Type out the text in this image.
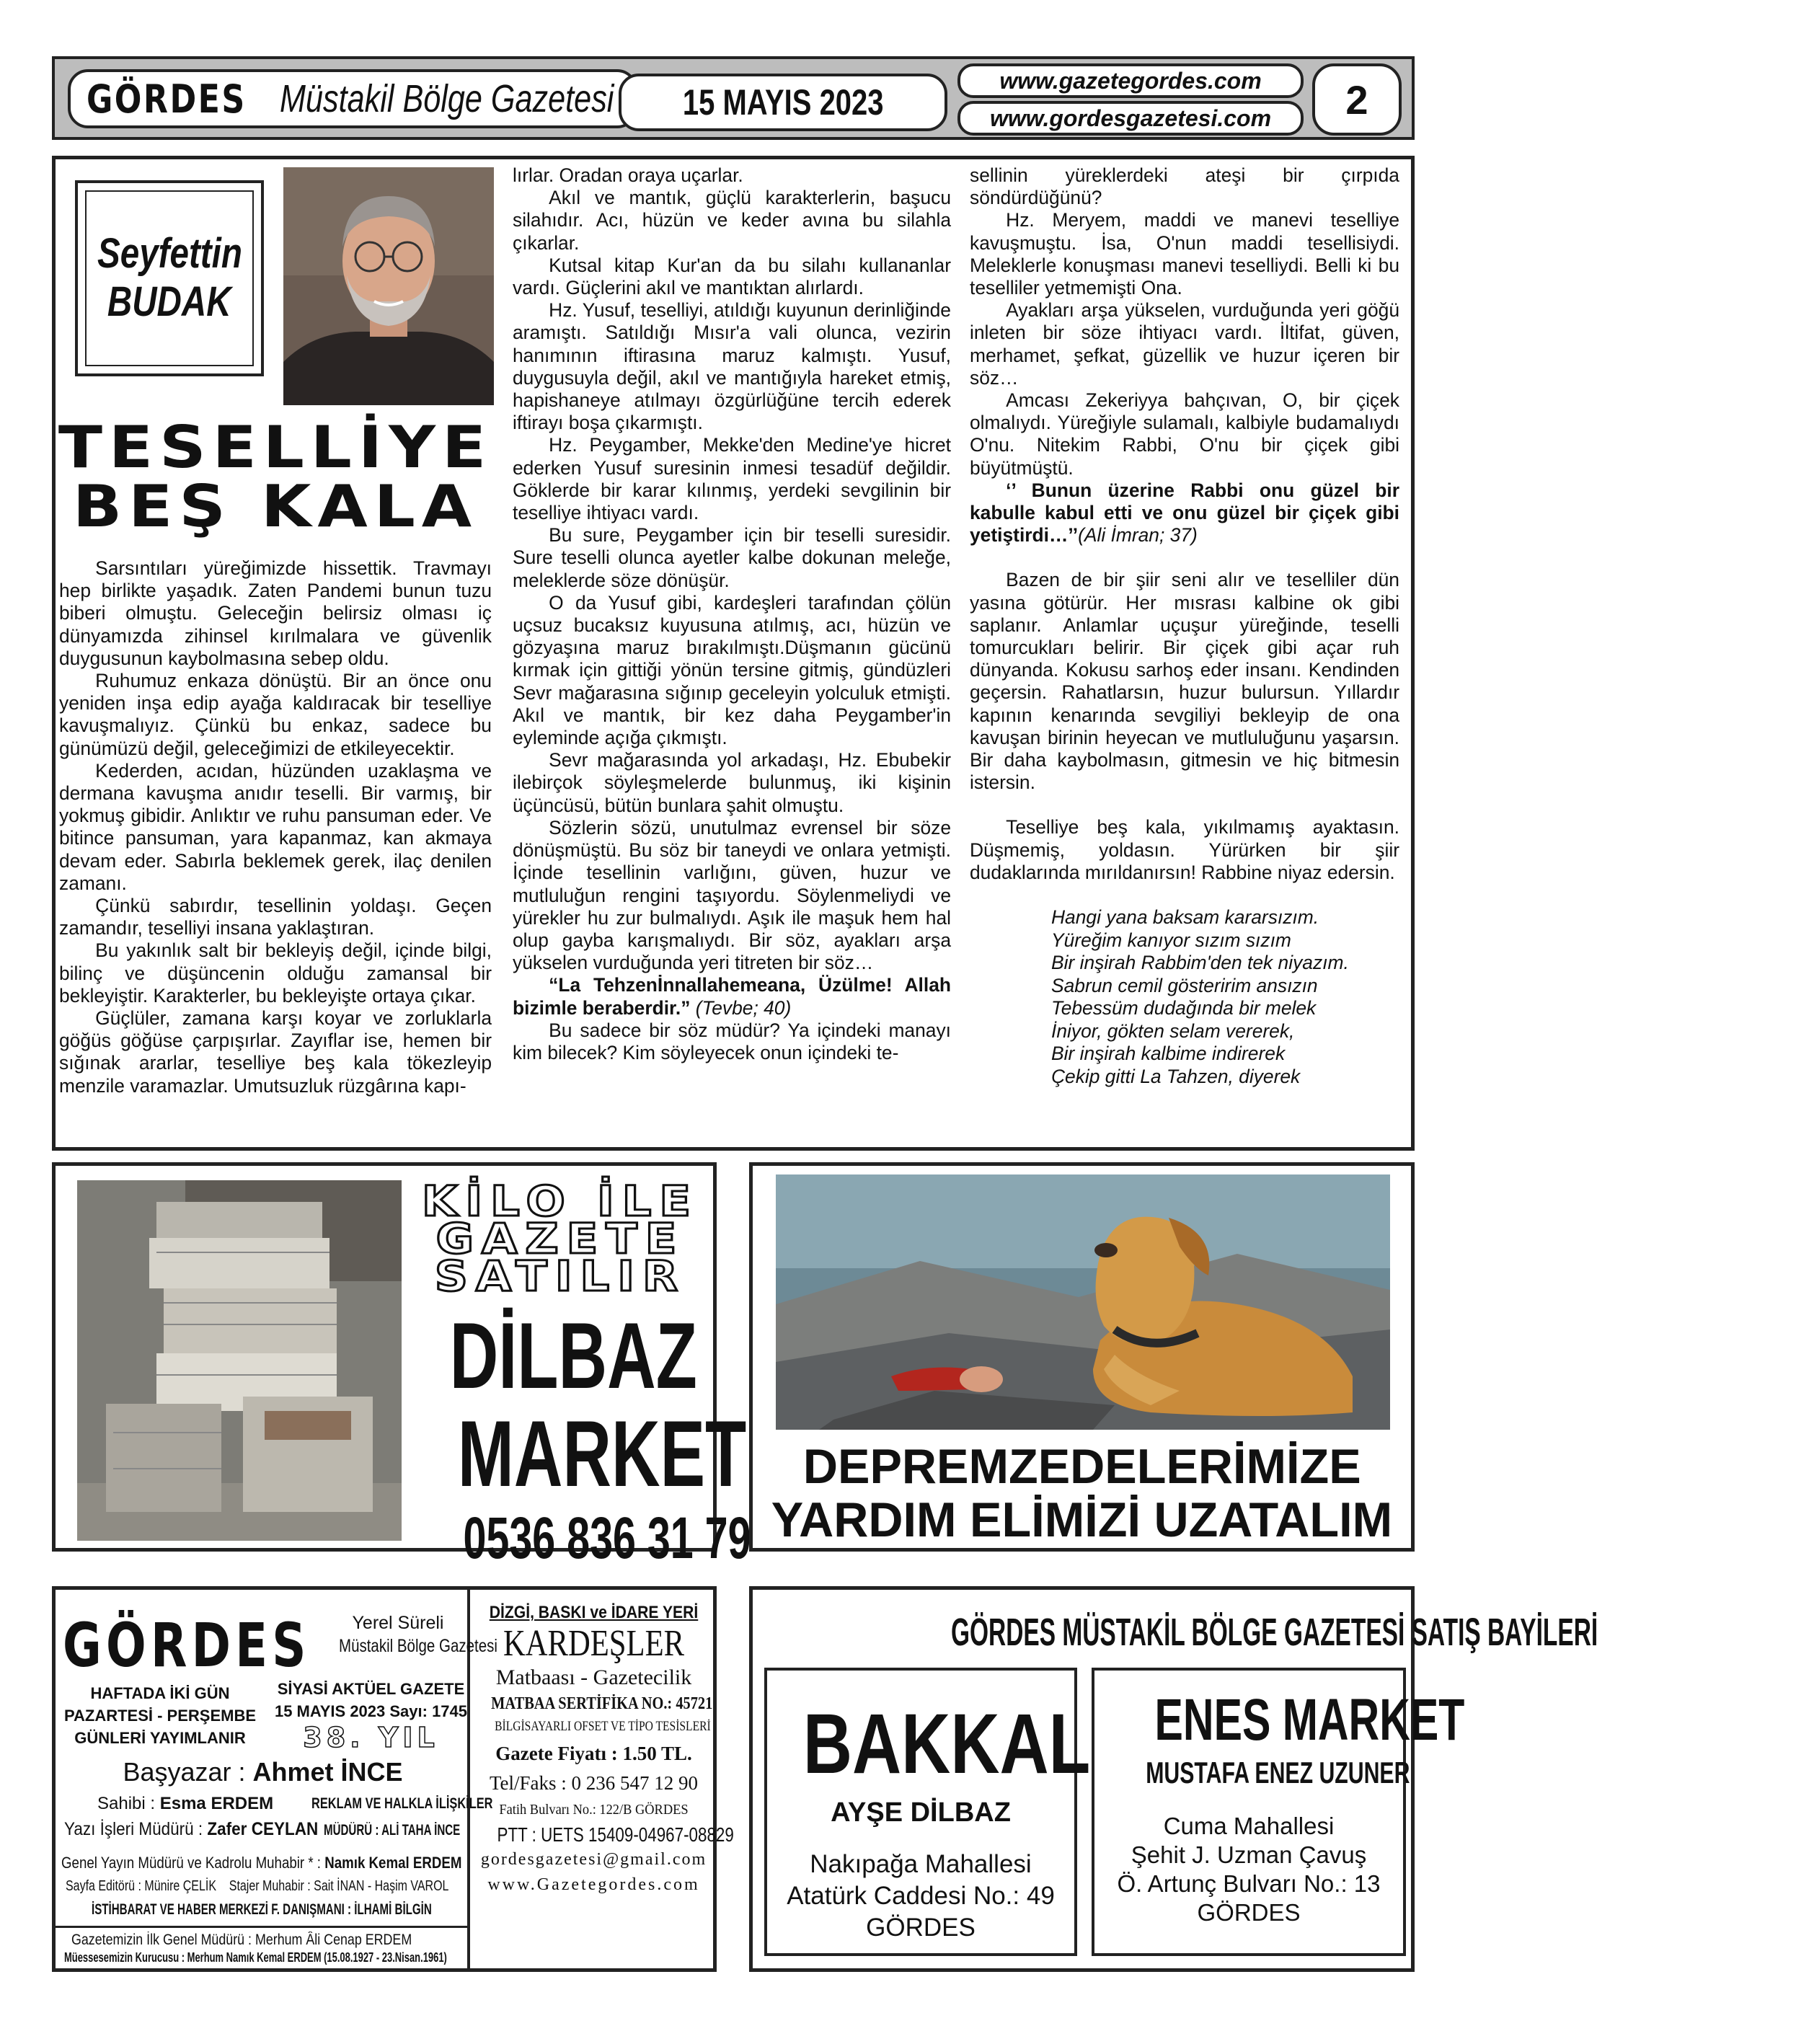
GÖRDES Müstakil Bölge Gazetesi 15 MAYIS 2023
www.gazetegordes.com
www.gordesgazetesi.com 2
Seyfettin
BUDAK
TESELLİYE
BEŞ KALA

Sarsıntıları yüreğimizde hissettik. Travmayı hep birlikte yaşadık. Zaten Pandemi bunun tuzu biberi olmuştu. Geleceğin belirsiz olması iç dünyamızda zihinsel kırılmalara ve güvenlik duygusunun kaybolmasına sebep oldu.

Ruhumuz enkaza dönüştü. Bir an önce onu yeniden inşa edip ayağa kaldıracak bir teselliye kavuşmalıyız. Çünkü bu enkaz, sadece bu günümüzü değil, geleceğimizi de etkileyecektir.

Kederden, acıdan, hüzünden uzaklaşma ve dermana kavuşma anıdır teselli. Bir varmış, bir yokmuş gibidir. Anlıktır ve ruhu pansuman eder. Ve bitince pansuman, yara kapanmaz, kan akmaya devam eder. Sabırla beklemek gerek, ilaç denilen zamanı.

Çünkü sabırdır, tesellinin yoldaşı. Geçen zamandır, teselliyi insana yaklaştıran.

Bu yakınlık salt bir bekleyiş değil, içinde bilgi, bilinç ve düşüncenin olduğu zamansal bir bekleyiştir. Karakterler, bu bekleyişte ortaya çıkar.

Güçlüler, zamana karşı koyar ve zorluklarla göğüs göğüse çarpışırlar. Zayıflar ise, hemen bir sığınak ararlar, teselliye beş kala tökezleyip menzile varamazlar. Umutsuzluk rüzgârına kapı-

lırlar. Oradan oraya uçarlar.

Akıl ve mantık, güçlü karakterlerin, başucu silahıdır. Acı, hüzün ve keder avına bu silahla çıkarlar.

Kutsal kitap Kur'an da bu silahı kullananlar vardı. Güçlerini akıl ve mantıktan alırlardı.

Hz. Yusuf, teselliyi, atıldığı kuyunun derinliğinde aramıştı. Satıldığı Mısır'a vali olunca, vezirin hanımının iftirasına maruz kalmıştı. Yusuf, duygusuyla değil, akıl ve mantığıyla hareket etmiş, hapishaneye atılmayı özgürlüğüne tercih ederek iftirayı boşa çıkarmıştı.

Hz. Peygamber, Mekke'den Medine'ye hicret ederken Yusuf suresinin inmesi tesadüf değildir. Göklerde bir karar kılınmış, yerdeki sevgilinin bir teselliye ihtiyacı vardı.

Bu sure, Peygamber için bir teselli suresidir. Sure teselli olunca ayetler kalbe dokunan meleğe, meleklerde söze dönüşür.

O da Yusuf gibi, kardeşleri tarafından çölün uçsuz bucaksız kuyusuna atılmış, acı, hüzün ve gözyaşına maruz bırakılmıştı.Düşmanın gücünü kırmak için gittiği yönün tersine gitmiş, gündüzleri Sevr mağarasına sığınıp geceleyin yolculuk etmişti. Akıl ve mantık, bir kez daha Peygamber'in eyleminde açığa çıkmıştı.

Sevr mağarasında yol arkadaşı, Hz. Ebubekir ilebirçok söyleşmelerde bulunmuş, iki kişinin üçüncüsü, bütün bunlara şahit olmuştu.

Sözlerin sözü, unutulmaz evrensel bir söze dönüşmüştü. Bu söz bir taneydi ve onlara yetmişti. İçinde tesellinin varlığını, güven, huzur ve mutluluğun rengini taşıyordu. Söylenmeliydi ve yürekler hu zur bulmalıydı. Aşık ile maşuk hem hal olup gayba karışmalıydı. Bir söz, ayakları arşa yükselen vurduğunda yeri titreten bir söz…

“La Tehzenİnnallahemeana, Üzülme! Allah bizimle beraberdir.” (Tevbe; 40)

Bu sadece bir söz müdür? Ya içindeki manayı kim bilecek? Kim söyleyecek onun içindeki te-

sellinin yüreklerdeki ateşi bir çırpıda söndürdüğünü?

Hz. Meryem, maddi ve manevi teselliye kavuşmuştu. İsa, O'nun maddi tesellisiydi. Meleklerle konuşması manevi teselliydi. Belli ki bu teselliler yetmemişti Ona.

Ayakları arşa yükselen, vurduğunda yeri göğü inleten bir söze ihtiyacı vardı. İltifat, güven, merhamet, şefkat, güzellik ve huzur içeren bir söz…

Amcası Zekeriyya bahçıvan, O, bir çiçek olmalıydı. Yüreğiyle sulamalı, kalbiyle budamalıydı O'nu. Nitekim Rabbi, O'nu bir çiçek gibi büyütmüştü.

‘’ Bunun üzerine Rabbi onu güzel bir kabulle kabul etti ve onu güzel bir çiçek gibi yetiştirdi…’’(Ali İmran; 37)

Bazen de bir şiir seni alır ve teselliler dün yasına götürür. Her mısrası kalbine ok gibi saplanır. Anlamlar uçuşur yüreğinde, teselli tomurcukları belirir. Bir çiçek gibi açar ruh dünyanda. Kokusu sarhoş eder insanı. Kendinden geçersin. Rahatlarsın, huzur bulursun. Yıllardır kapının kenarında sevgiliyi bekleyip de ona kavuşan birinin heyecan ve mutluluğunu yaşarsın. Bir daha kaybolmasın, gitmesin ve hiç bitmesin istersin.

Teselliye beş kala, yıkılmamış ayaktasın. Düşmemiş, yoldasın. Yürürken bir şiir dudaklarında mırıldanırsın! Rabbine niyaz edersin.

Hangi yana baksam kararsızım.
Yüreğim kanıyor sızım sızım
Bir inşirah Rabbim'den tek niyazım.
Sabrun cemil gösteririm ansızın
Tebessüm dudağında bir melek
İniyor, gökten selam vererek,
Bir inşirah kalbime indirerek
Çekip gitti La Tahzen, diyerek
KİLO İLE
GAZETE
SATILIR
DİLBAZ
MARKET
0536 836 31 79
DEPREMZEDELERİMİZE
YARDIM ELİMİZİ UZATALIM
GÖRDES	Yerel Süreli
Müstakil Bölge Gazetesi
HAFTADA İKİ GÜN
PAZARTESİ - PERŞEMBE
GÜNLERİ YAYIMLANIR
SİYASİ AKTÜEL GAZETE
15 MAYIS 2023 Sayı: 1745
38. YIL
Başyazar : Ahmet İNCE
Sahibi : Esma ERDEM	REKLAM VE HALKLA İLİŞKİLER
Yazı İşleri Müdürü : Zafer CEYLAN MÜDÜRÜ : ALİ TAHA İNCE
Genel Yayın Müdürü ve Kadrolu Muhabir * : Namık Kemal ERDEM
Sayfa Editörü : Münire ÇELİK Stajer Muhabir : Sait İNAN - Haşim VAROL
İSTİHBARAT VE HABER MERKEZİ F. DANIŞMANI : İLHAMİ BİLGİN
Gazetemizin İlk Genel Müdürü : Merhum Âli Cenap ERDEM
Müessesemizin Kurucusu : Merhum Namık Kemal ERDEM (15.08.1927 - 23.Nisan.1961)
DİZGİ, BASKI ve İDARE YERİ
KARDEŞLER
Matbaası - Gazetecilik
MATBAA SERTİFİKA NO.: 45721
BİLGİSAYARLI OFSET VE TİPO TESİSLERİ
Gazete Fiyatı : 1.50 TL.
Tel/Faks : 0 236 547 12 90
Fatih Bulvarı No.: 122/B GÖRDES
PTT : UETS 15409-04967-08829
gordesgazetesi@gmail.com
www.Gazetegordes.com
GÖRDES MÜSTAKİL BÖLGE GAZETESİ SATIŞ BAYİLERİ
BAKKAL
AYŞE DİLBAZ
Nakıpağa Mahallesi
Atatürk Caddesi No.: 49
GÖRDES
ENES MARKET
MUSTAFA ENEZ UZUNER
Cuma Mahallesi
Şehit J. Uzman Çavuş
Ö. Artunç Bulvarı No.: 13
GÖRDES
